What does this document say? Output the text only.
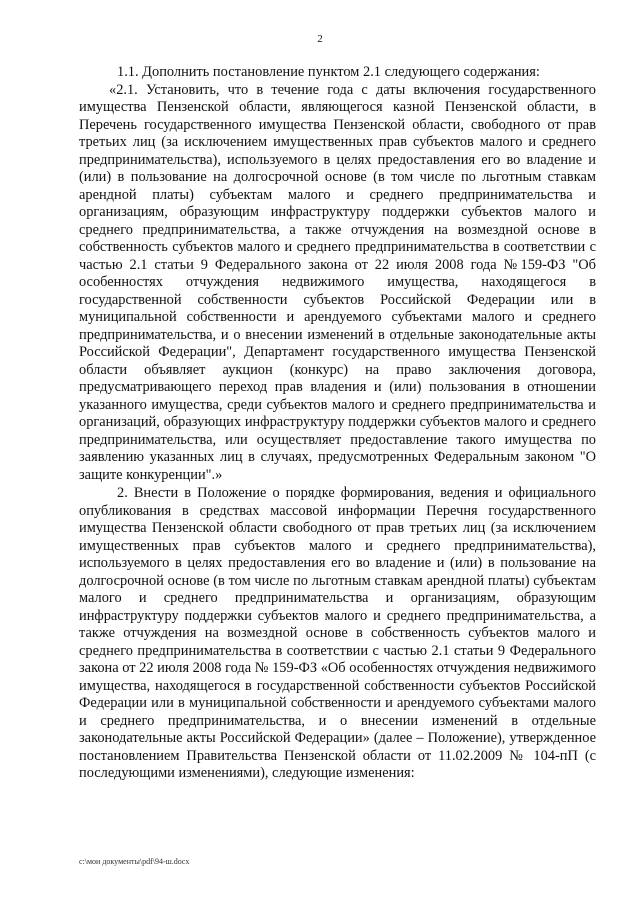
2

1.1. Дополнить постановление пунктом 2.1 следующего содержания:

«2.1. Установить, что в течение года с даты включения государственного имущества Пензенской области, являющегося казной Пензенской области, в Перечень государственного имущества Пензенской области, свободного от прав третьих лиц (за исключением имущественных прав субъектов малого и среднего предпринимательства), используемого в целях предоставления его во владение и (или) в пользование на долгосрочной основе (в том числе по льготным ставкам арендной платы) субъектам малого и среднего предпринимательства и организациям, образующим инфраструктуру поддержки субъектов малого и среднего предпринимательства, а также отчуждения на возмездной основе в собственность субъектов малого и среднего предпринимательства в соответствии с частью 2.1 статьи 9 Федерального закона от 22 июля 2008 года №159-ФЗ "Об особенностях отчуждения недвижимого имущества, находящегося в государственной собственности субъектов Российской Федерации или в муниципальной собственности и арендуемого субъектами малого и среднего предпринимательства, и о внесении изменений в отдельные законодательные акты Российской Федерации", Департамент государственного имущества Пензенской области объявляет аукцион (конкурс) на право заключения договора, предусматривающего переход прав владения и (или) пользования в отношении указанного имущества, среди субъектов малого и среднего предпринимательства и организаций, образующих инфраструктуру поддержки субъектов малого и среднего предпринимательства, или осуществляет предоставление такого имущества по заявлению указанных лиц в случаях, предусмотренных Федеральным законом "О защите конкуренции".»

2. Внести в Положение о порядке формирования, ведения и официального опубликования в средствах массовой информации Перечня государственного имущества Пензенской области свободного от прав третьих лиц (за исключением имущественных прав субъектов малого и среднего предпринимательства), используемого в целях предоставления его во владение и (или) в пользование на долгосрочной основе (в том числе по льготным ставкам арендной платы) субъектам малого и среднего предпринимательства и организациям, образующим инфраструктуру поддержки субъектов малого и среднего предпринимательства, а также отчуждения на возмездной основе в собственность субъектов малого и среднего предпринимательства в соответствии с частью 2.1 статьи 9 Федерального закона от 22 июля 2008 года № 159-ФЗ «Об особенностях отчуждения недвижимого имущества, находящегося в государственной собственности субъектов Российской Федерации или в муниципальной собственности и арендуемого субъектами малого и среднего предпринимательства, и о внесении изменений в отдельные законодательные акты Российской Федерации» (далее – Положение), утвержденное постановлением Правительства Пензенской области от 11.02.2009 № 104-пП (с последующими изменениями), следующие изменения:

c:\мои документы\pdf\94-ш.docx
